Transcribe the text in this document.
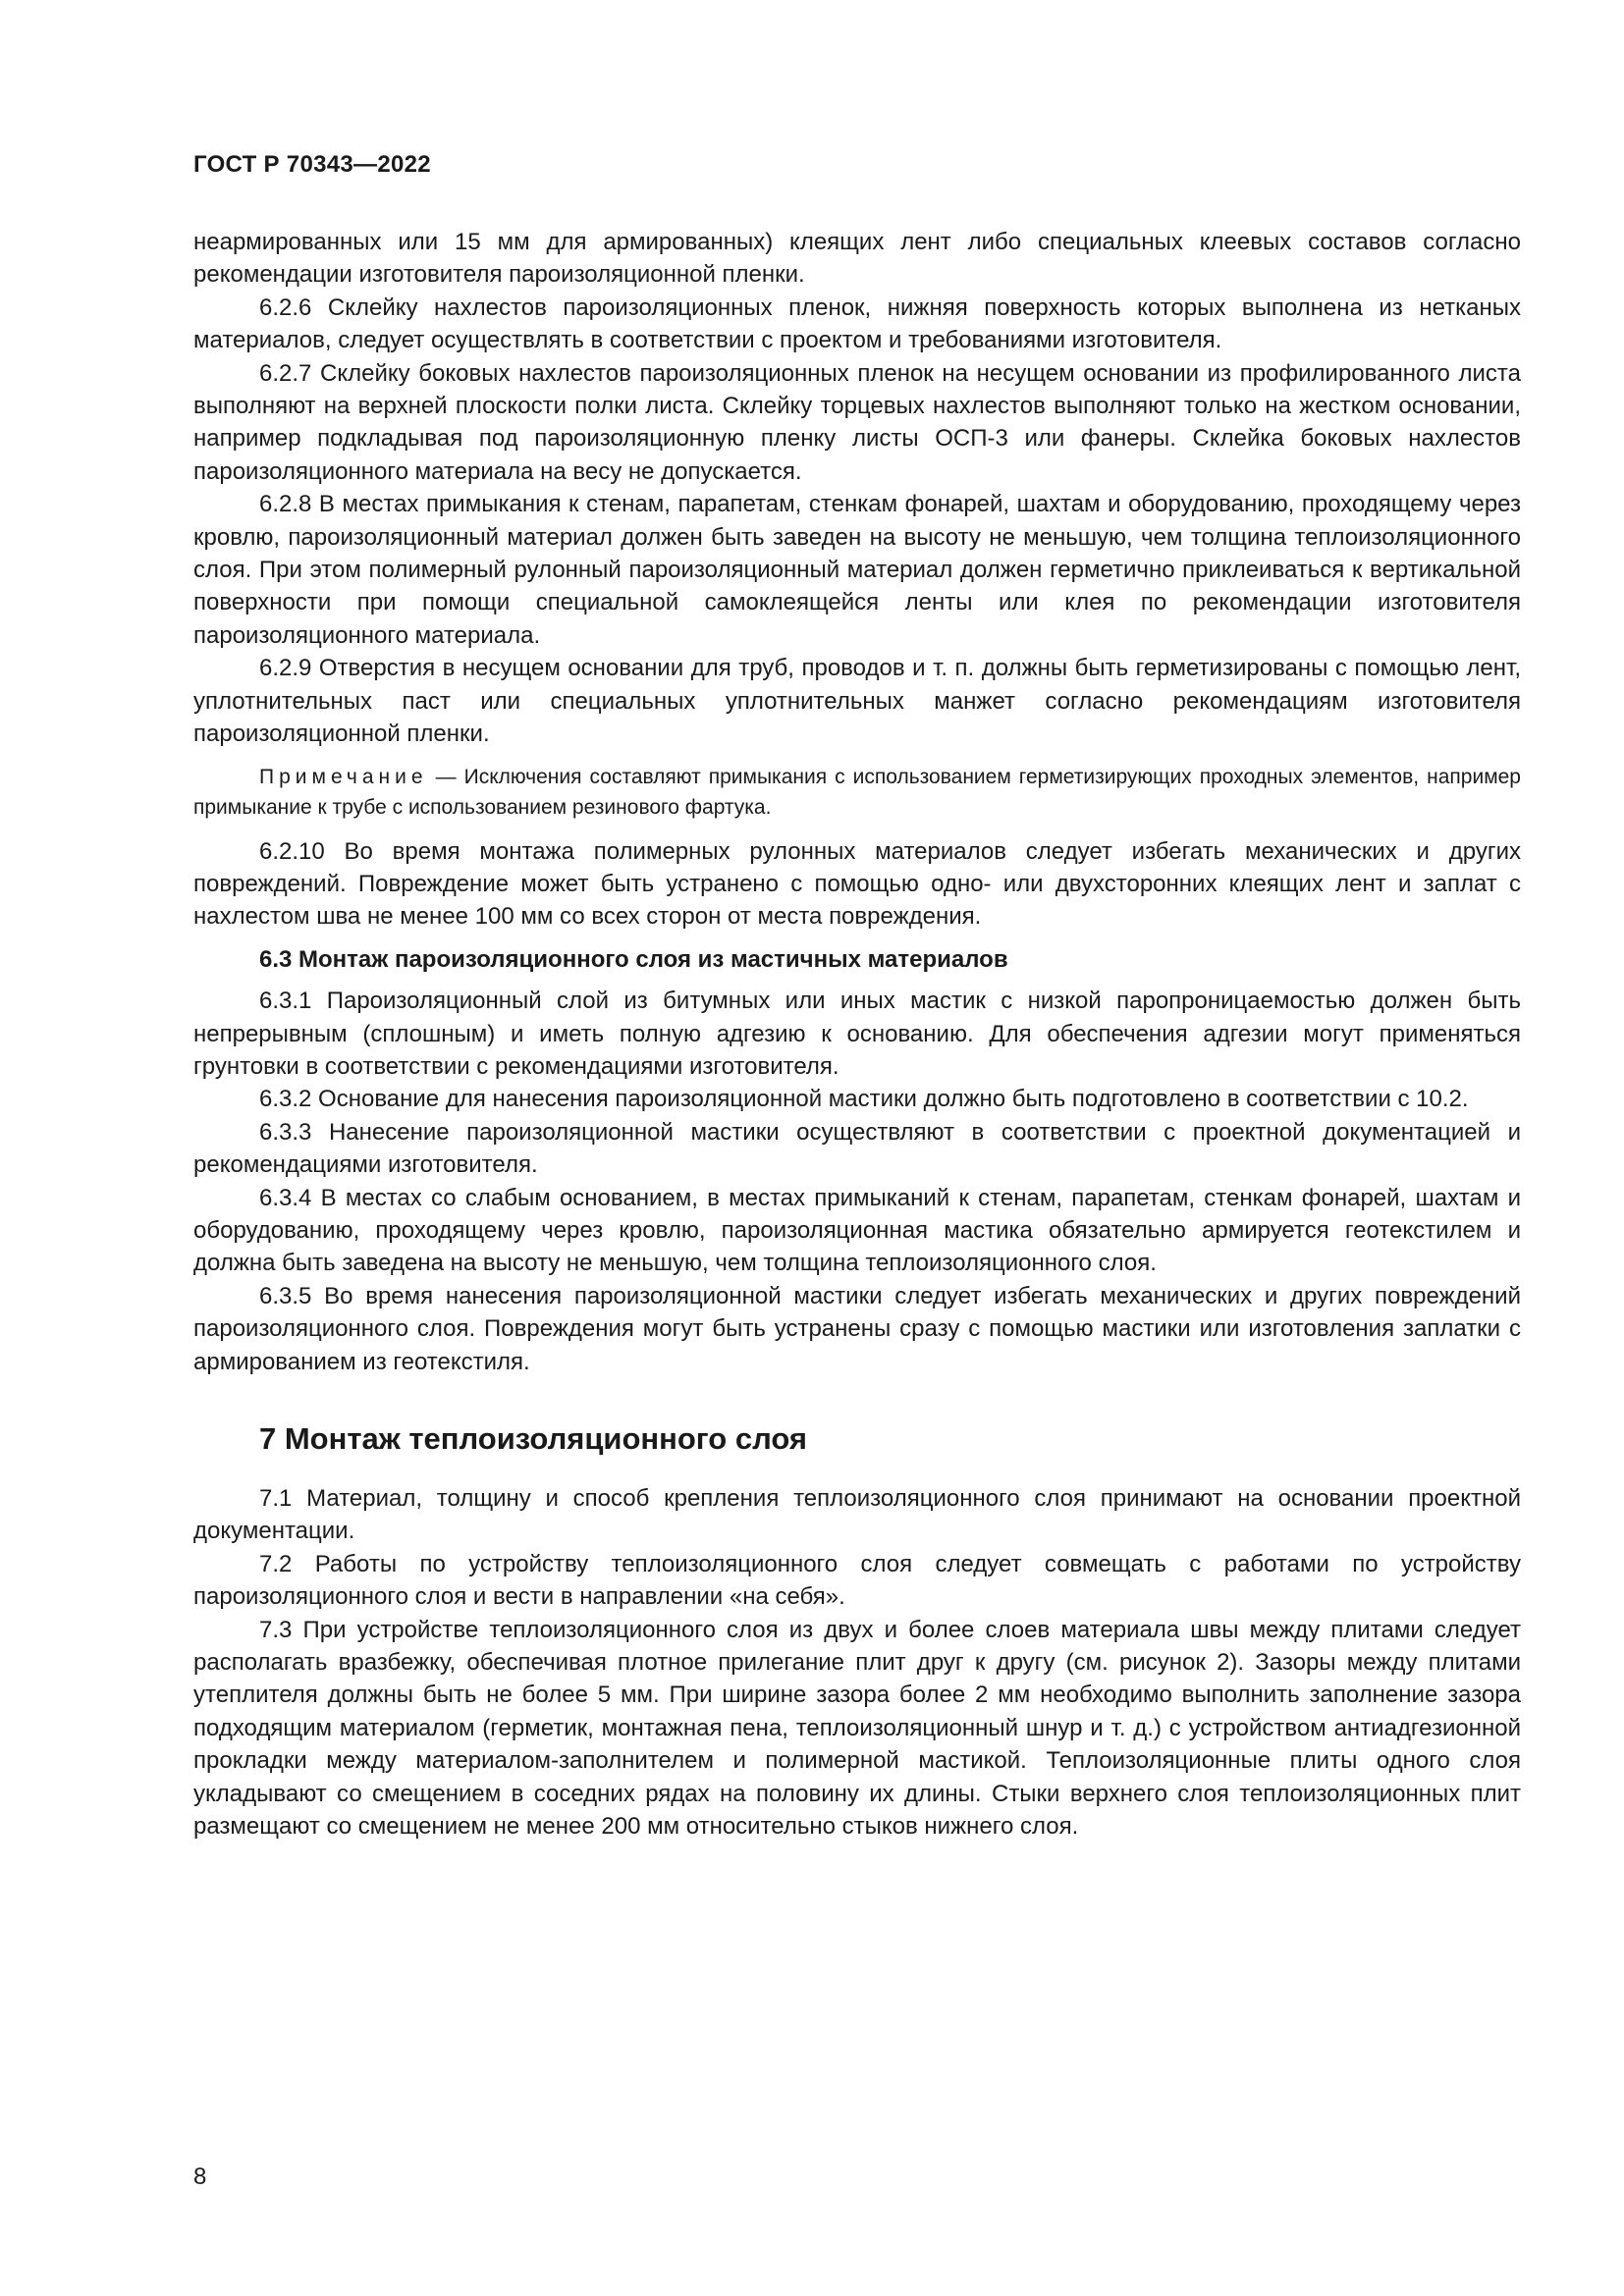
ГОСТ Р 70343—2022

неармированных или 15 мм для армированных) клеящих лент либо специальных клеевых составов согласно рекомендации изготовителя пароизоляционной пленки.

6.2.6 Склейку нахлестов пароизоляционных пленок, нижняя поверхность которых выполнена из нетканых материалов, следует осуществлять в соответствии с проектом и требованиями изготовителя.

6.2.7 Склейку боковых нахлестов пароизоляционных пленок на несущем основании из профилированного листа выполняют на верхней плоскости полки листа. Склейку торцевых нахлестов выполняют только на жестком основании, например подкладывая под пароизоляционную пленку листы ОСП-3 или фанеры. Склейка боковых нахлестов пароизоляционного материала на весу не допускается.

6.2.8 В местах примыкания к стенам, парапетам, стенкам фонарей, шахтам и оборудованию, проходящему через кровлю, пароизоляционный материал должен быть заведен на высоту не меньшую, чем толщина теплоизоляционного слоя. При этом полимерный рулонный пароизоляционный материал должен герметично приклеиваться к вертикальной поверхности при помощи специальной самоклеящейся ленты или клея по рекомендации изготовителя пароизоляционного материала.

6.2.9 Отверстия в несущем основании для труб, проводов и т. п. должны быть герметизированы с помощью лент, уплотнительных паст или специальных уплотнительных манжет согласно рекомендациям изготовителя пароизоляционной пленки.

Примечание — Исключения составляют примыкания с использованием герметизирующих проходных элементов, например примыкание к трубе с использованием резинового фартука.

6.2.10 Во время монтажа полимерных рулонных материалов следует избегать механических и других повреждений. Повреждение может быть устранено с помощью одно- или двухсторонних клеящих лент и заплат с нахлестом шва не менее 100 мм со всех сторон от места повреждения.

6.3 Монтаж пароизоляционного слоя из мастичных материалов

6.3.1 Пароизоляционный слой из битумных или иных мастик с низкой паропроницаемостью должен быть непрерывным (сплошным) и иметь полную адгезию к основанию. Для обеспечения адгезии могут применяться грунтовки в соответствии с рекомендациями изготовителя.

6.3.2 Основание для нанесения пароизоляционной мастики должно быть подготовлено в соответствии с 10.2.

6.3.3 Нанесение пароизоляционной мастики осуществляют в соответствии с проектной документацией и рекомендациями изготовителя.

6.3.4 В местах со слабым основанием, в местах примыканий к стенам, парапетам, стенкам фонарей, шахтам и оборудованию, проходящему через кровлю, пароизоляционная мастика обязательно армируется геотекстилем и должна быть заведена на высоту не меньшую, чем толщина теплоизоляционного слоя.

6.3.5 Во время нанесения пароизоляционной мастики следует избегать механических и других повреждений пароизоляционного слоя. Повреждения могут быть устранены сразу с помощью мастики или изготовления заплатки с армированием из геотекстиля.

7 Монтаж теплоизоляционного слоя

7.1 Материал, толщину и способ крепления теплоизоляционного слоя принимают на основании проектной документации.

7.2 Работы по устройству теплоизоляционного слоя следует совмещать с работами по устройству пароизоляционного слоя и вести в направлении «на себя».

7.3 При устройстве теплоизоляционного слоя из двух и более слоев материала швы между плитами следует располагать вразбежку, обеспечивая плотное прилегание плит друг к другу (см. рисунок 2). Зазоры между плитами утеплителя должны быть не более 5 мм. При ширине зазора более 2 мм необходимо выполнить заполнение зазора подходящим материалом (герметик, монтажная пена, теплоизоляционный шнур и т. д.) с устройством антиадгезионной прокладки между материалом-заполнителем и полимерной мастикой. Теплоизоляционные плиты одного слоя укладывают со смещением в соседних рядах на половину их длины. Стыки верхнего слоя теплоизоляционных плит размещают со смещением не менее 200 мм относительно стыков нижнего слоя.

8
